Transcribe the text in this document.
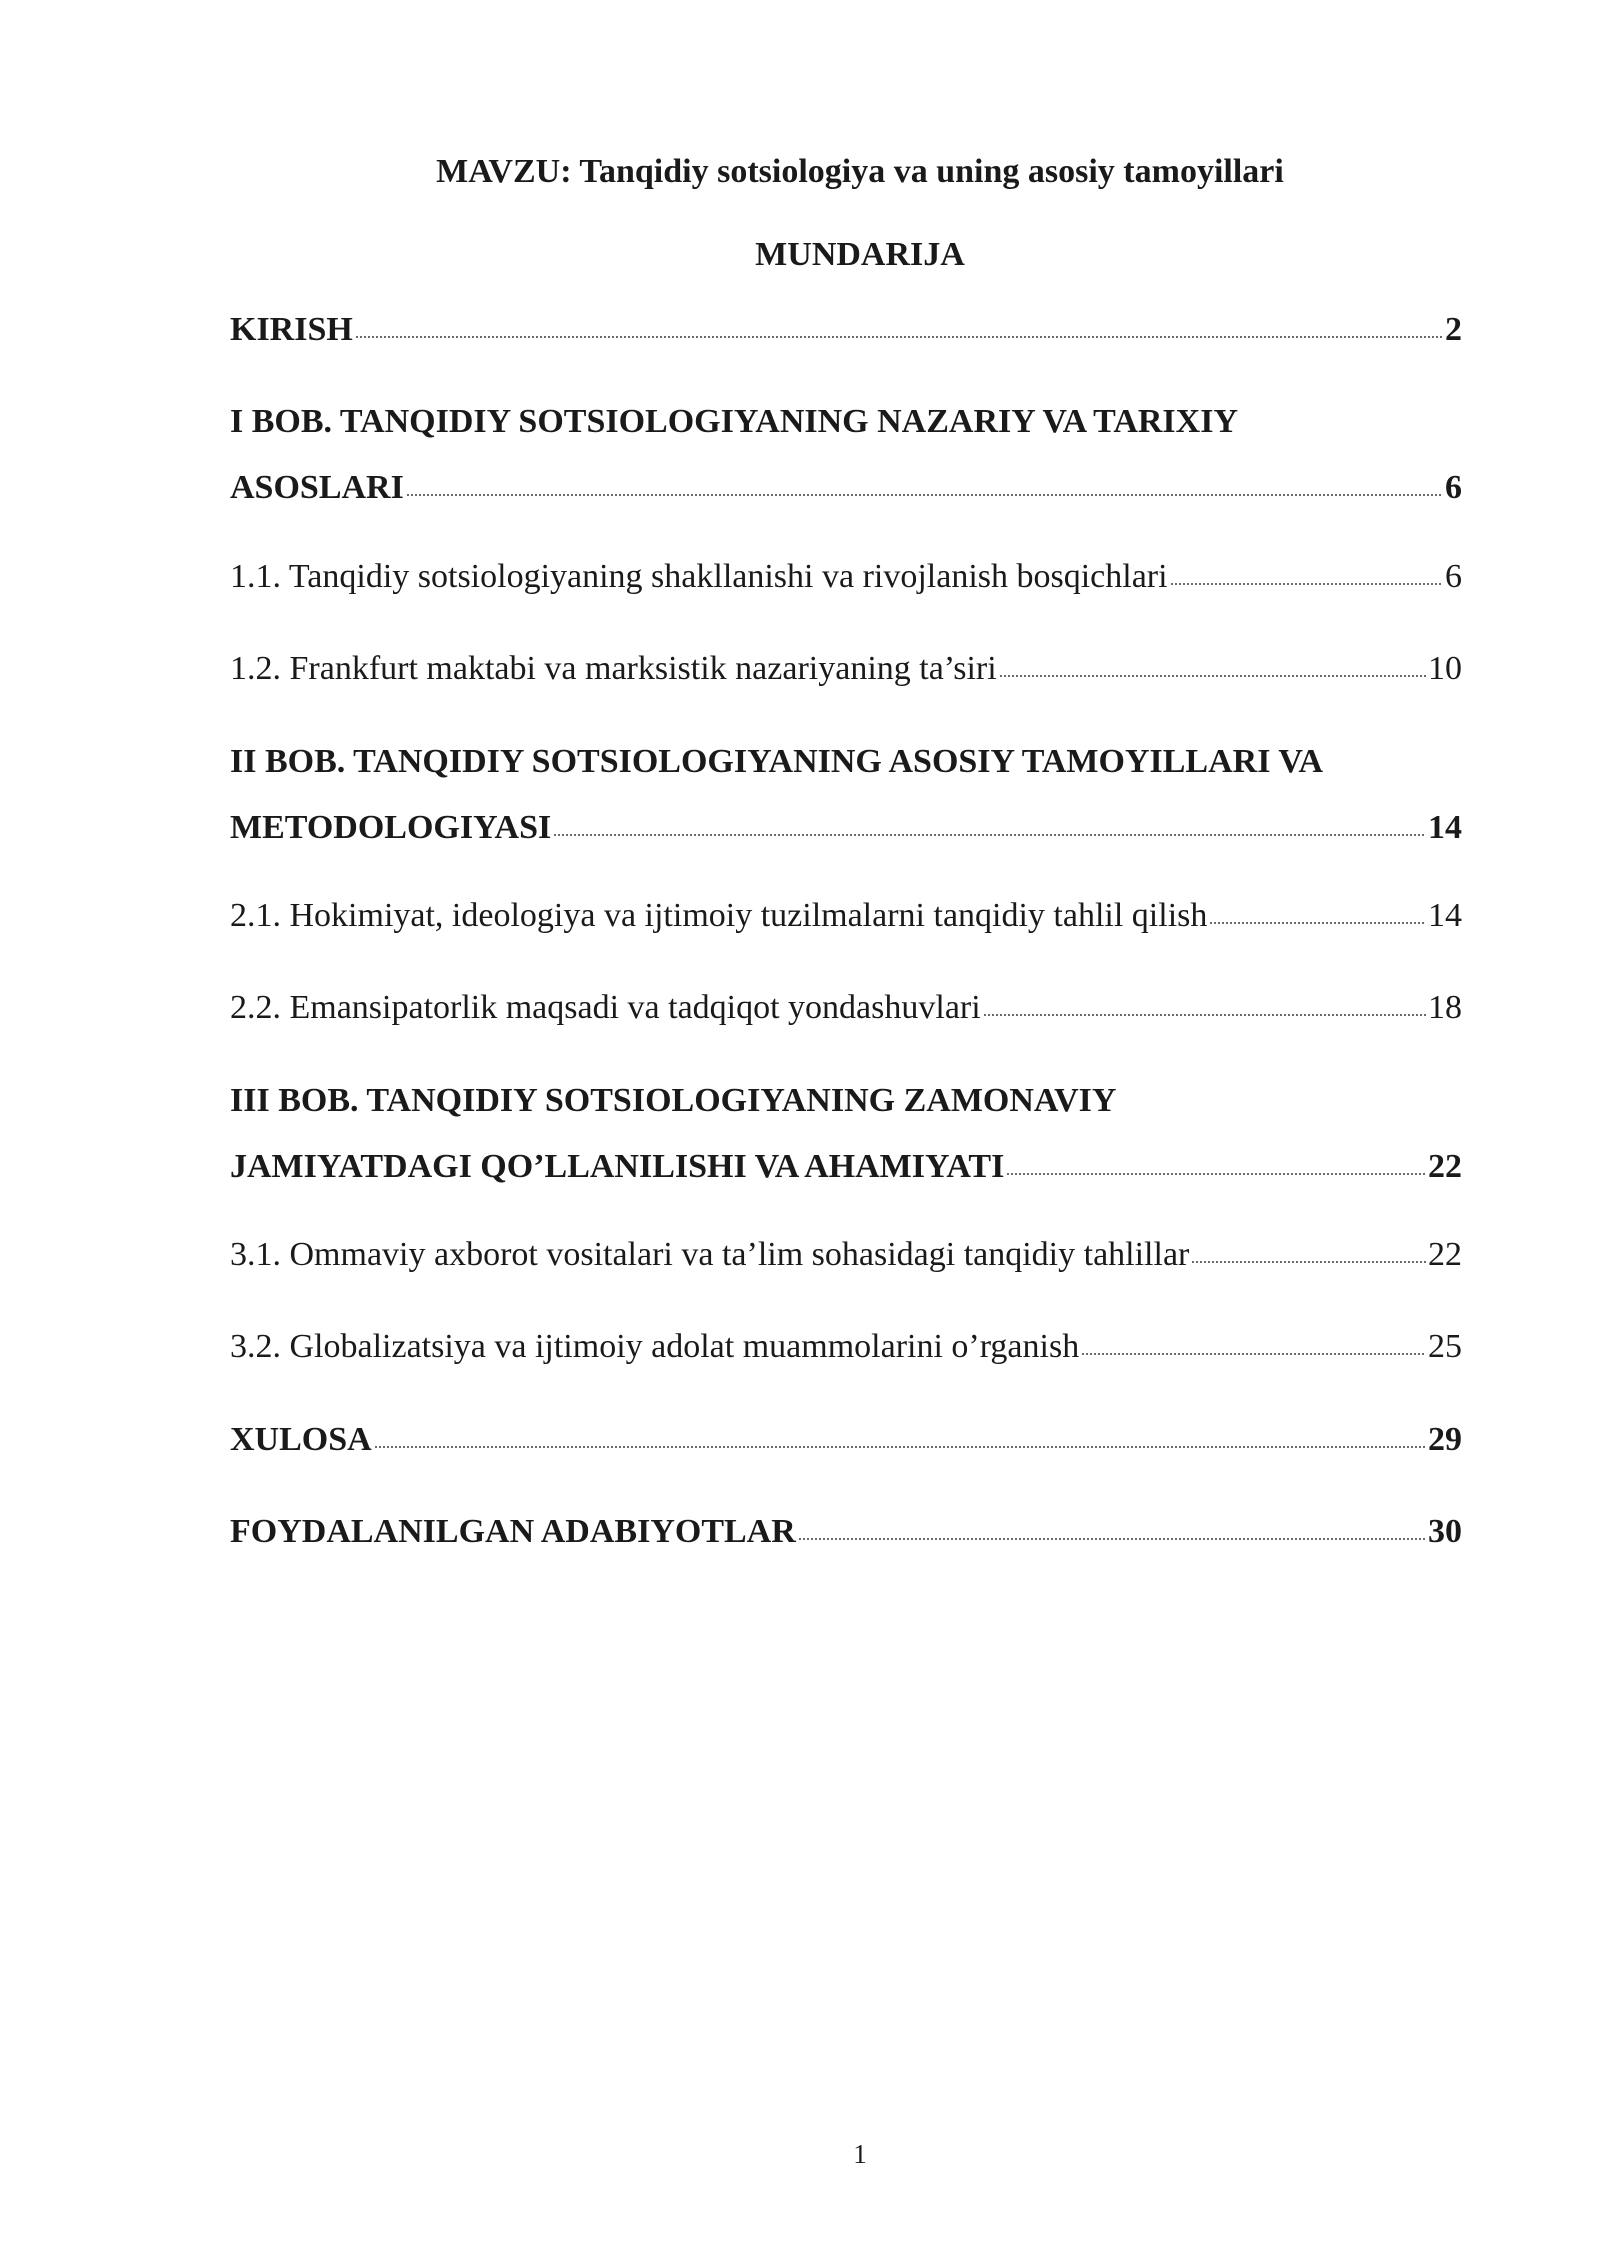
MAVZU: Tanqidiy sotsiologiya va uning asosiy tamoyillari
MUNDARIJA
KIRISH	2
I BOB. TANQIDIY SOTSIOLOGIYANING NAZARIY VA TARIXIY
ASOSLARI	6
1.1. Tanqidiy sotsiologiyaning shakllanishi va rivojlanish bosqichlari	6
1.2. Frankfurt maktabi va marksistik nazariyaning ta’siri	10
II BOB. TANQIDIY SOTSIOLOGIYANING ASOSIY TAMOYILLARI VA
METODOLOGIYASI	14
2.1. Hokimiyat, ideologiya va ijtimoiy tuzilmalarni tanqidiy tahlil qilish	14
2.2. Emansipatorlik maqsadi va tadqiqot yondashuvlari	18
III BOB. TANQIDIY SOTSIOLOGIYANING ZAMONAVIY
JAMIYATDAGI QO’LLANILISHI VA AHAMIYATI	22
3.1. Ommaviy axborot vositalari va ta’lim sohasidagi tanqidiy tahlillar	22
3.2. Globalizatsiya va ijtimoiy adolat muammolarini o’rganish	25
XULOSA	29
FOYDALANILGAN ADABIYOTLAR	30
1
